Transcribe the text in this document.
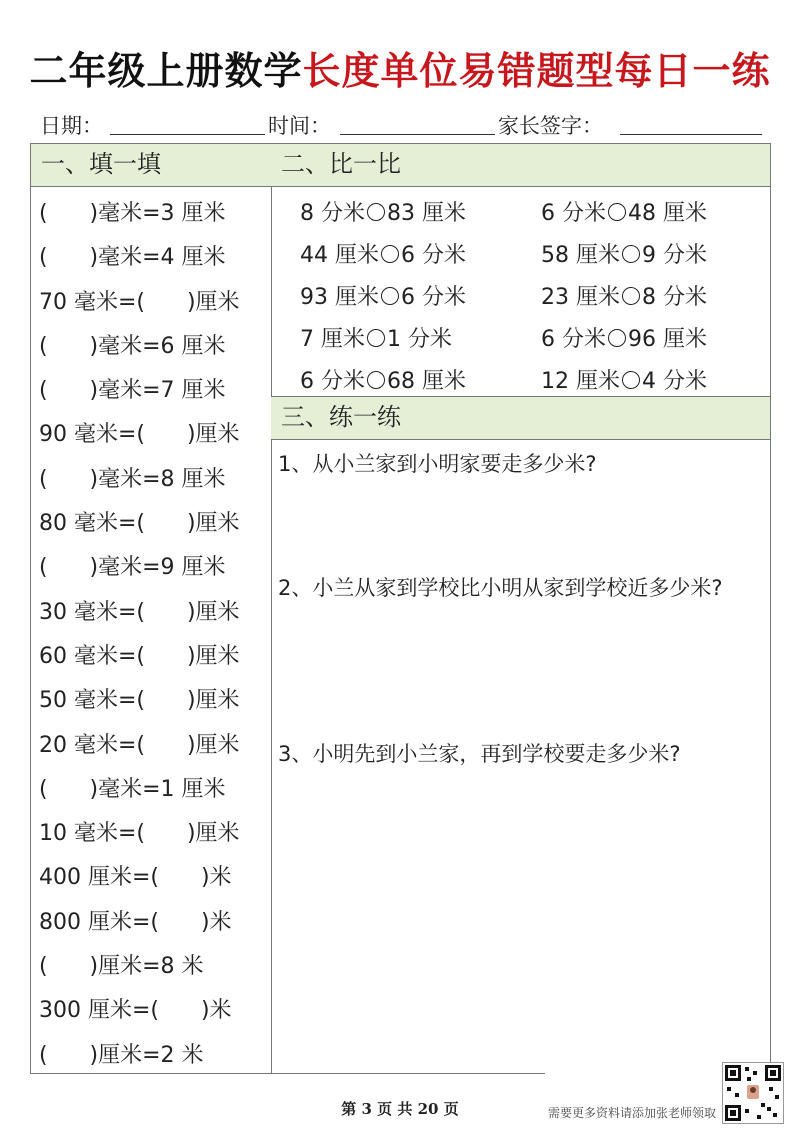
二年级上册数学长度单位易错题型每日一练
日期：	时间：	家长签字：
一、填一填	二、比一比
三、练一练
(      )毫米=3 厘米
(      )毫米=4 厘米
70 毫米=(      )厘米
(      )毫米=6 厘米
(      )毫米=7 厘米
90 毫米=(      )厘米
(      )毫米=8 厘米
80 毫米=(      )厘米
(      )毫米=9 厘米
30 毫米=(      )厘米
60 毫米=(      )厘米
50 毫米=(      )厘米
20 毫米=(      )厘米
(      )毫米=1 厘米
10 毫米=(      )厘米
400 厘米=(      )米
800 厘米=(      )米
(      )厘米=8 米
300 厘米=(      )米
(      )厘米=2 米
8 分米 83 厘米	6 分米 48 厘米
44 厘米 6 分米	58 厘米 9 分米
93 厘米 6 分米	23 厘米 8 分米
7 厘米 1 分米	6 分米 96 厘米
6 分米 68 厘米	12 厘米 4 分米
1、从小兰家到小明家要走多少米?
2、小兰从家到学校比小明从家到学校近多少米?
3、小明先到小兰家，再到学校要走多少米?
第 3 页 共 20 页	需要更多资料请添加张老师领取
